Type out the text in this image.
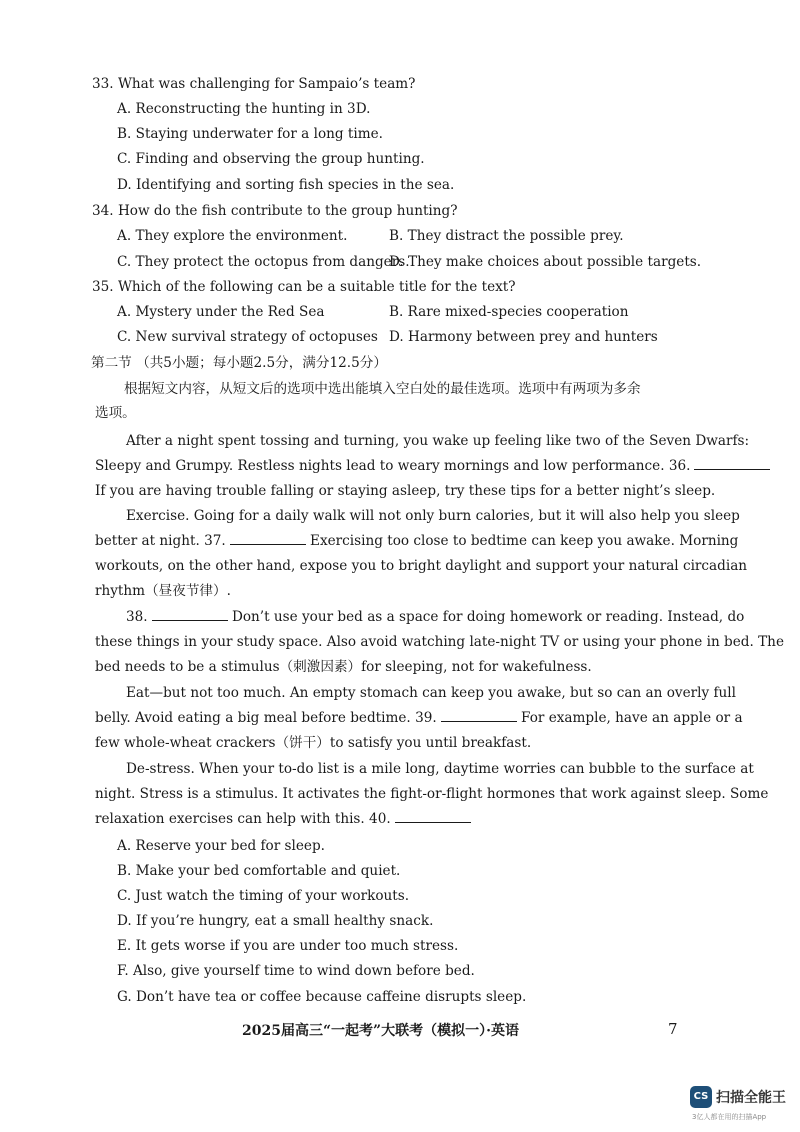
33. What was challenging for Sampaio’s team?
A. Reconstructing the hunting in 3D.
B. Staying underwater for a long time.
C. Finding and observing the group hunting.
D. Identifying and sorting fish species in the sea.
34. How do the fish contribute to the group hunting?
A. They explore the environment.	B. They distract the possible prey.
C. They protect the octopus from dangers.
D. They make choices about possible targets.
35. Which of the following can be a suitable title for the text?
A. Mystery under the Red Sea	B. Rare mixed-species cooperation
C. New survival strategy of octopuses D. Harmony between prey and hunters
第二节 （共5小题；每小题2.5分，满分12.5分）
根据短文内容，从短文后的选项中选出能填入空白处的最佳选项。选项中有两项为多余
选项。
After a night spent tossing and turning, you wake up feeling like two of the Seven Dwarfs:
Sleepy and Grumpy. Restless nights lead to weary mornings and low performance. 36.
If you are having trouble falling or staying asleep, try these tips for a better night’s sleep.
Exercise. Going for a daily walk will not only burn calories, but it will also help you sleep
better at night. 37.	Exercising too close to bedtime can keep you awake. Morning
workouts, on the other hand, expose you to bright daylight and support your natural circadian
rhythm（昼夜节律）.
38.	Don’t use your bed as a space for doing homework or reading. Instead, do
these things in your study space. Also avoid watching late-night TV or using your phone in bed. The
bed needs to be a stimulus（刺激因素）for sleeping, not for wakefulness.
Eat—but not too much. An empty stomach can keep you awake, but so can an overly full
belly. Avoid eating a big meal before bedtime. 39.	For example, have an apple or a
few whole-wheat crackers（饼干）to satisfy you until breakfast.
De-stress. When your to-do list is a mile long, daytime worries can bubble to the surface at
night. Stress is a stimulus. It activates the fight-or-flight hormones that work against sleep. Some
relaxation exercises can help with this. 40.
A. Reserve your bed for sleep.
B. Make your bed comfortable and quiet.
C. Just watch the timing of your workouts.
D. If you’re hungry, eat a small healthy snack.
E. It gets worse if you are under too much stress.
F. Also, give yourself time to wind down before bed.
G. Don’t have tea or coffee because caffeine disrupts sleep.
2025届高三“一起考”大联考（模拟一）·英语	7
CS 扫描全能王
3亿人都在用的扫描App
